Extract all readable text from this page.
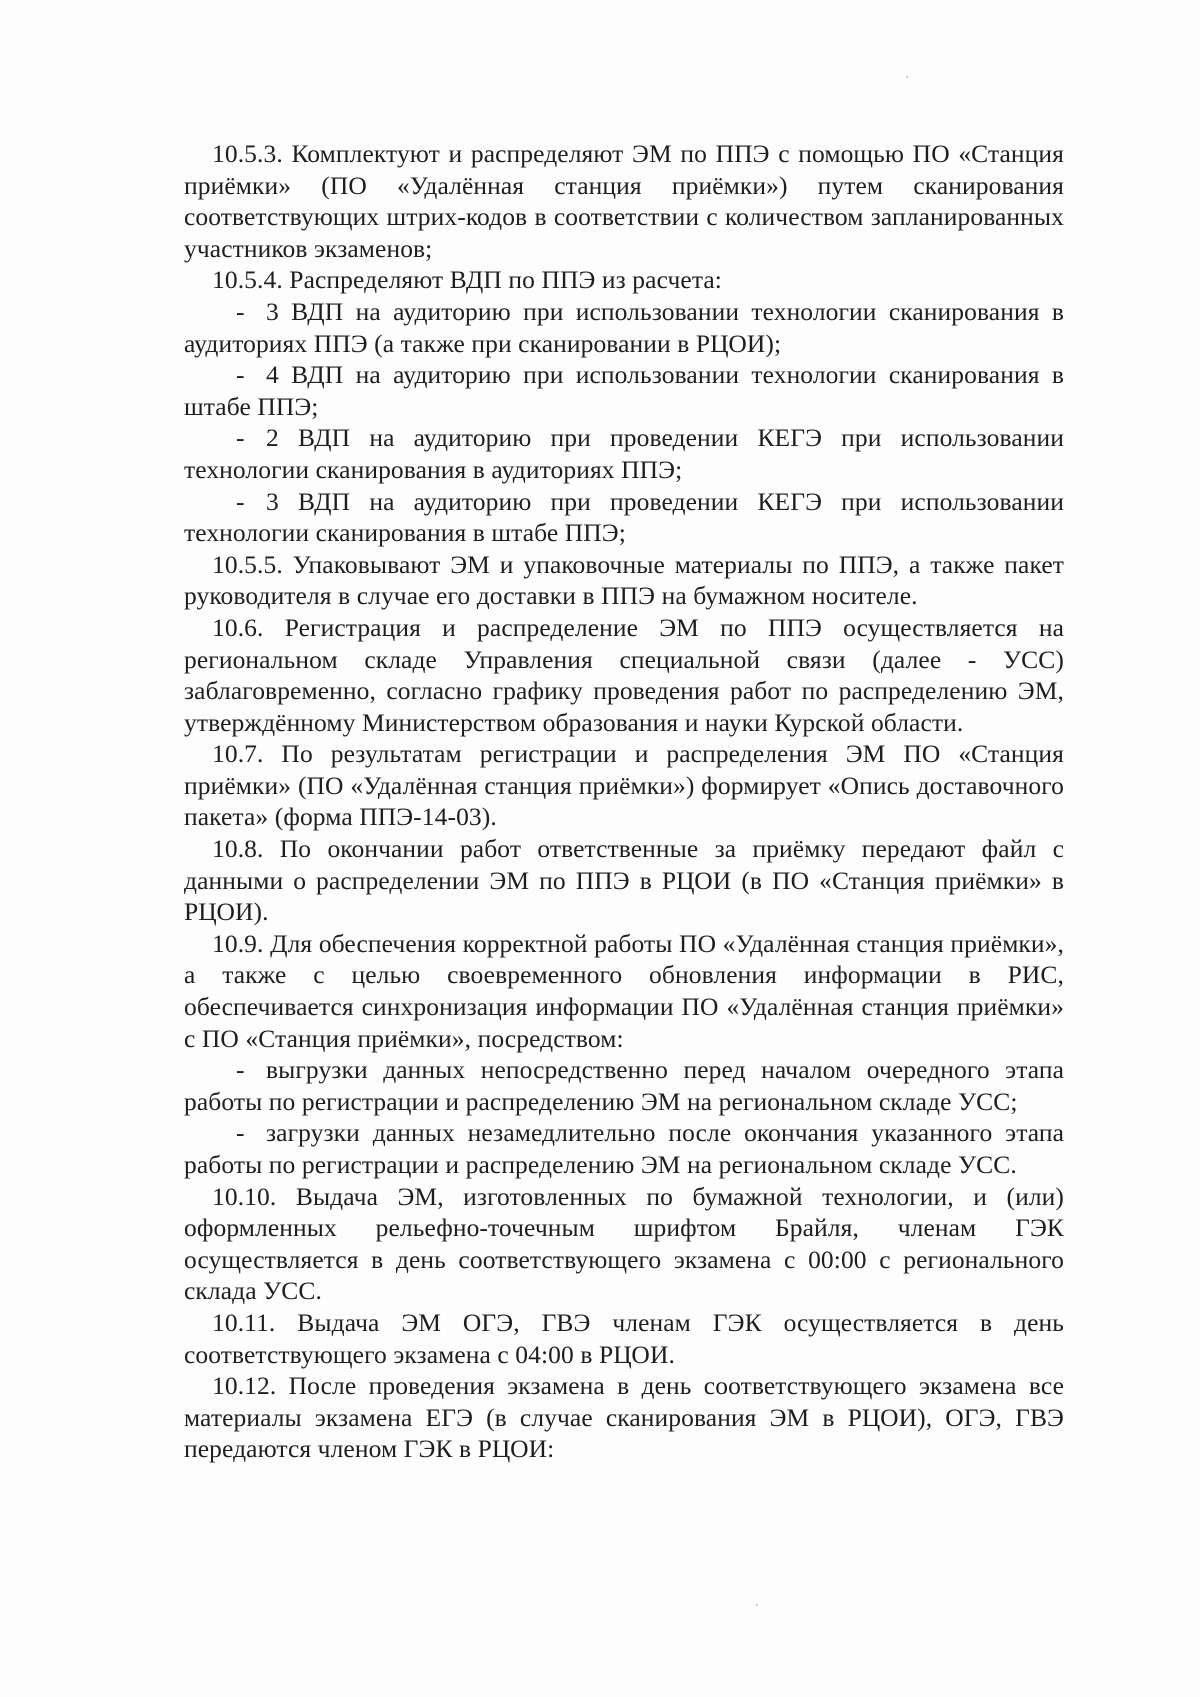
10.5.3. Комплектуют и распределяют ЭМ по ППЭ с помощью ПО «Станция приёмки» (ПО «Удалённая станция приёмки») путем сканирования соответствующих штрих-кодов в соответствии с количеством запланированных участников экзаменов;

10.5.4. Распределяют ВДП по ППЭ из расчета:

- 3 ВДП на аудиторию при использовании технологии сканирования в аудиториях ППЭ (а также при сканировании в РЦОИ);

- 4 ВДП на аудиторию при использовании технологии сканирования в штабе ППЭ;

- 2 ВДП на аудиторию при проведении КЕГЭ при использовании технологии сканирования в аудиториях ППЭ;

- 3 ВДП на аудиторию при проведении КЕГЭ при использовании технологии сканирования в штабе ППЭ;

10.5.5. Упаковывают ЭМ и упаковочные материалы по ППЭ, а также пакет руководителя в случае его доставки в ППЭ на бумажном носителе.

10.6. Регистрация и распределение ЭМ по ППЭ осуществляется на региональном складе Управления специальной связи (далее - УСС) заблаговременно, согласно графику проведения работ по распределению ЭМ, утверждённому Министерством образования и науки Курской области.

10.7. По результатам регистрации и распределения ЭМ ПО «Станция приёмки» (ПО «Удалённая станция приёмки») формирует «Опись доставочного пакета» (форма ППЭ-14-03).

10.8. По окончании работ ответственные за приёмку передают файл с данными о распределении ЭМ по ППЭ в РЦОИ (в ПО «Станция приёмки» в РЦОИ).

10.9. Для обеспечения корректной работы ПО «Удалённая станция приёмки», а также с целью своевременного обновления информации в РИС, обеспечивается синхронизация информации ПО «Удалённая станция приёмки» с ПО «Станция приёмки», посредством:

- выгрузки данных непосредственно перед началом очередного этапа работы по регистрации и распределению ЭМ на региональном складе УСС;

- загрузки данных незамедлительно после окончания указанного этапа работы по регистрации и распределению ЭМ на региональном складе УСС.

10.10. Выдача ЭМ, изготовленных по бумажной технологии, и (или) оформленных рельефно-точечным шрифтом Брайля, членам ГЭК осуществляется в день соответствующего экзамена с 00:00 с регионального склада УСС.

10.11. Выдача ЭМ ОГЭ, ГВЭ членам ГЭК осуществляется в день соответствующего экзамена с 04:00 в РЦОИ.

10.12. После проведения экзамена в день соответствующего экзамена все материалы экзамена ЕГЭ (в случае сканирования ЭМ в РЦОИ), ОГЭ, ГВЭ передаются членом ГЭК в РЦОИ:
